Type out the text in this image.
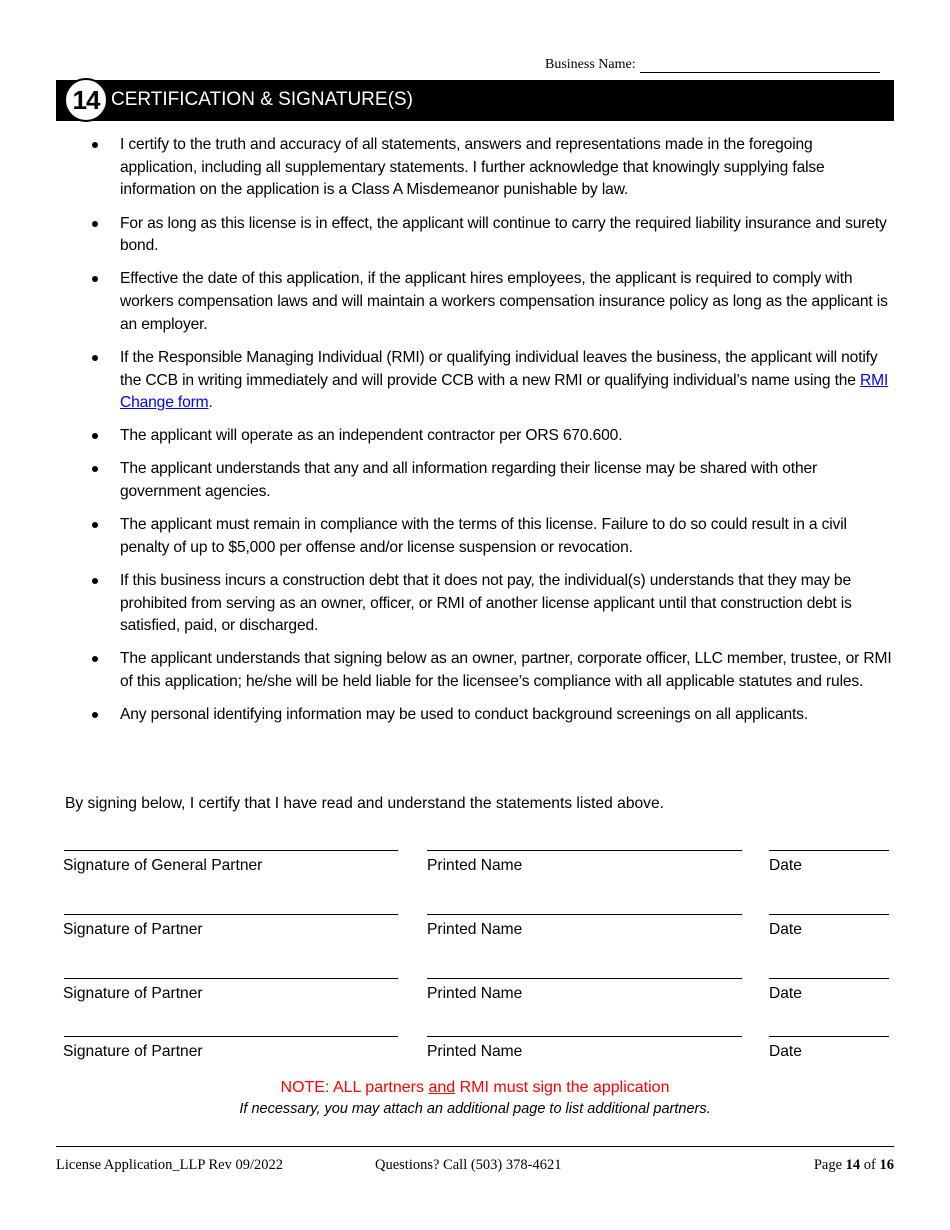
Business Name:
14 CERTIFICATION & SIGNATURE(S)
I certify to the truth and accuracy of all statements, answers and representations made in the foregoing application, including all supplementary statements. I further acknowledge that knowingly supplying false information on the application is a Class A Misdemeanor punishable by law.
For as long as this license is in effect, the applicant will continue to carry the required liability insurance and surety bond.
Effective the date of this application, if the applicant hires employees, the applicant is required to comply with workers compensation laws and will maintain a workers compensation insurance policy as long as the applicant is an employer.
If the Responsible Managing Individual (RMI) or qualifying individual leaves the business, the applicant will notify the CCB in writing immediately and will provide CCB with a new RMI or qualifying individual’s name using the RMI Change form.
The applicant will operate as an independent contractor per ORS 670.600.
The applicant understands that any and all information regarding their license may be shared with other government agencies.
The applicant must remain in compliance with the terms of this license. Failure to do so could result in a civil penalty of up to $5,000 per offense and/or license suspension or revocation.
If this business incurs a construction debt that it does not pay, the individual(s) understands that they may be prohibited from serving as an owner, officer, or RMI of another license applicant until that construction debt is satisfied, paid, or discharged.
The applicant understands that signing below as an owner, partner, corporate officer, LLC member, trustee, or RMI of this application; he/she will be held liable for the licensee’s compliance with all applicable statutes and rules.
Any personal identifying information may be used to conduct background screenings on all applicants.
By signing below, I certify that I have read and understand the statements listed above.
Signature of General Partner	Printed Name	Date
Signature of Partner	Printed Name	Date
Signature of Partner	Printed Name	Date
Signature of Partner	Printed Name	Date
NOTE: ALL partners and RMI must sign the application
If necessary, you may attach an additional page to list additional partners.
License Application_LLP Rev 09/2022	Questions? Call (503) 378-4621	Page 14 of 16
